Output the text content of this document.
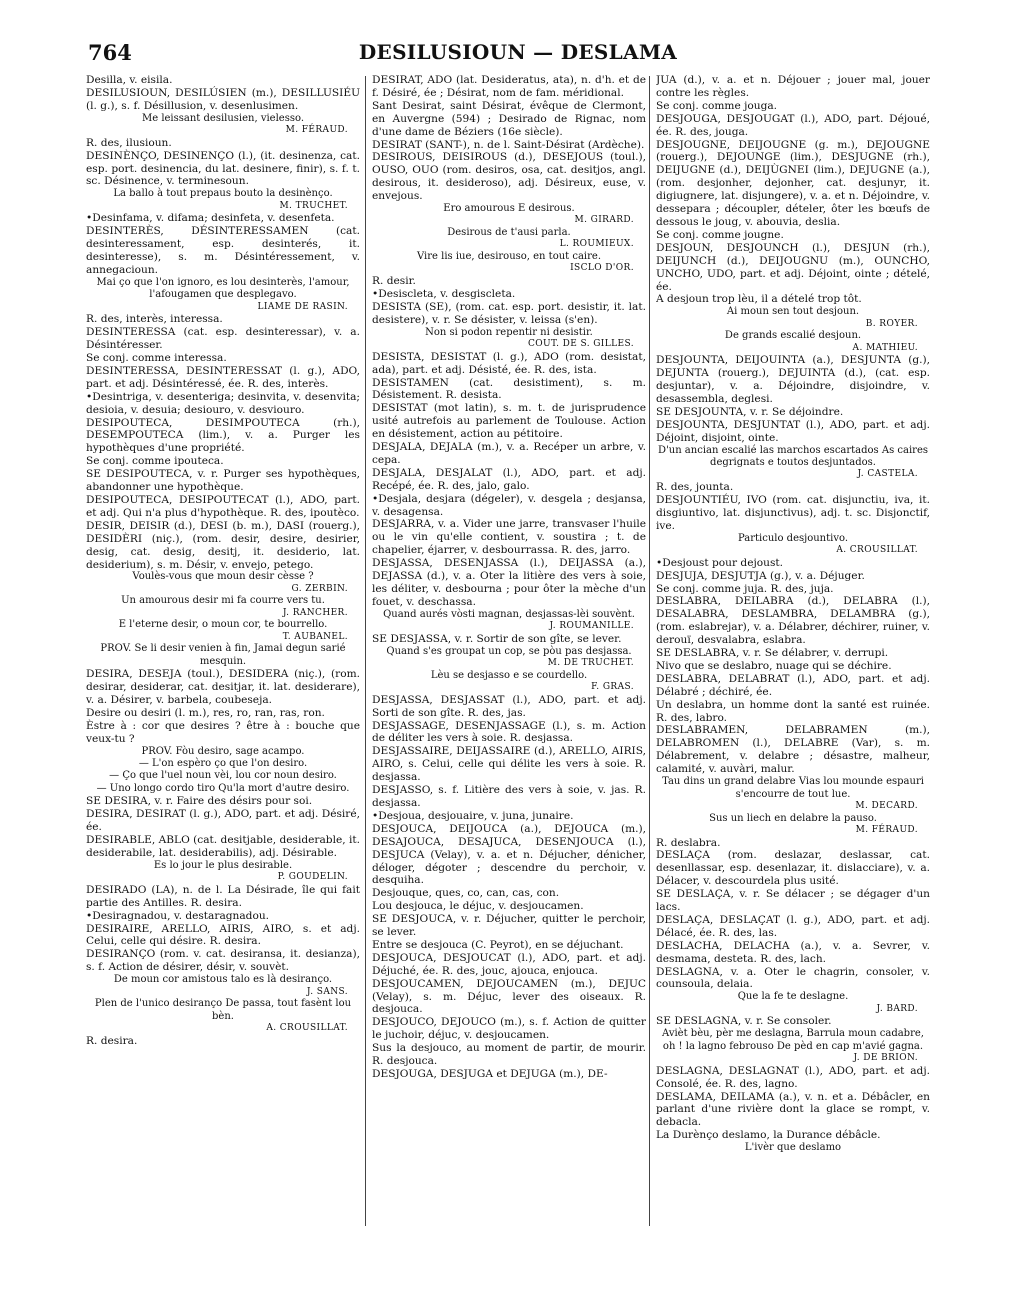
764	DESILUSIOUN — DESLAMA

Desilla, v. eisila.

DESILUSIOUN, DESILÚSIEN (m.), DESILLUSIÉU (l. g.), s. f. Désillusion, v. desenlusimen.

Me leissant desilusien, vielesso.

M. FÉRAUD.

R. des, ilusioun.

DESINÈNÇO, DESINENÇO (l.), (it. desinenza, cat. esp. port. desinencia, du lat. desinere, finir), s. f. t. sc. Désinence, v. terminesoun.

La ballo à tout prepaus bouto la desinènço.

M. TRUCHET.

•Desinfama, v. difama; desinfeta, v. desenfeta.

DESINTERÈS, DÉSINTERESSAMEN (cat. desinteressament, esp. desinterés, it. desinteresse), s. m. Désintéressement, v. annegacioun.

Mai ço que l'on ignoro, es lou desinterès, l'amour, l'afougamen que desplegavo.

LIAME DE RASIN.

R. des, interès, interessa.

DESINTERESSA (cat. esp. desinteressar), v. a. Désintéresser.

Se conj. comme interessa.

DESINTERESSA, DESINTERESSAT (l. g.), ADO, part. et adj. Désintéressé, ée. R. des, interès.

•Desintriga, v. desenteriga; desinvita, v. desenvita; desioia, v. desuia; desiouro, v. desviouro.

DESIPOUTECA, DESIMPOUTECA (rh.), DESEMPOUTECA (lim.), v. a. Purger les hypothèques d'une propriété.

Se conj. comme ipouteca.

SE DESIPOUTECA, v. r. Purger ses hypothèques, abandonner une hypothèque.

DESIPOUTECA, DESIPOUTECAT (l.), ADO, part. et adj. Qui n'a plus d'hypothèque. R. des, ipoutèco.

DESIR, DEISIR (d.), DESI (b. m.), DASI (rouerg.), DESIDÈRI (niç.), (rom. desir, desire, desirier, desig, cat. desig, desitj, it. desiderio, lat. desiderium), s. m. Désir, v. envejo, petego.

Voulès-vous que moun desir cèsse ?

G. ZERBIN.

Un amourous desir mi fa courre vers tu.

J. RANCHER.

E l'eterne desir, o moun cor, te bourrello.

T. AUBANEL.

PROV. Se li desir venien à fin, Jamai degun sarié mesquin.

DESIRA, DESEJA (toul.), DESIDERA (niç.), (rom. desirar, desiderar, cat. desitjar, it. lat. desiderare), v. a. Désirer, v. barbela, coubeseja.

Desire ou desiri (l. m.), res, ro, ran, ras, ron.

Èstre à : cor que desires ? être à : bouche que veux-tu ?

PROV. Fòu desiro, sage acampo.

— L'on espèro ço que l'on desiro.

— Ço que l'uel noun vèi, lou cor noun desiro.

— Uno longo cordo tiro Qu'la mort d'autre desiro.

SE DESIRA, v. r. Faire des désirs pour soi.

DESIRA, DESIRAT (l. g.), ADO, part. et adj. Désiré, ée.

DESIRABLE, ABLO (cat. desitjable, desiderable, it. desiderabile, lat. desiderabilis), adj. Désirable.

Es lo jour le plus desirable.

P. GOUDELIN.

DESIRADO (LA), n. de l. La Désirade, île qui fait partie des Antilles. R. desira.

•Desiragnadou, v. destaragnadou.

DESIRAIRE, ARELLO, AIRIS, AIRO, s. et adj. Celui, celle qui désire. R. desira.

DESIRANÇO (rom. v. cat. desiransa, it. desianza), s. f. Action de désirer, désir, v. souvèt.

De moun cor amistous talo es là desiranço.

J. SANS.

Plen de l'unico desiranço De passa, tout fasènt lou bèn.

A. CROUSILLAT.

R. desira.

DESIRAT, ADO (lat. Desideratus, ata), n. d'h. et de f. Désiré, ée ; Désirat, nom de fam. méridional.

Sant Desirat, saint Désirat, évêque de Clermont, en Auvergne (594) ; Desirado de Rignac, nom d'une dame de Béziers (16e siècle).

DESIRAT (SANT-), n. de l. Saint-Désirat (Ardèche).

DESIROUS, DEISIROUS (d.), DESEJOUS (toul.), OUSO, OUO (rom. desiros, osa, cat. desitjos, angl. desirous, it. desideroso), adj. Désireux, euse, v. envejous.

Ero amourous E desirous.

M. GIRARD.

Desirous de t'ausi parla.

L. ROUMIEUX.

Vire lis iue, desirouso, en tout caire.

ISCLO D'OR.

R. desir.

•Desiscleta, v. desgiscleta.

DESISTA (SE), (rom. cat. esp. port. desistir, it. lat. desistere), v. r. Se désister, v. leissa (s'en).

Non si podon repentir ni desistir.

COUT. DE S. GILLES.

DESISTA, DESISTAT (l. g.), ADO (rom. desistat, ada), part. et adj. Désisté, ée. R. des, ista.

DESISTAMEN (cat. desistiment), s. m. Désistement. R. desista.

DESISTAT (mot latin), s. m. t. de jurisprudence usité autrefois au parlement de Toulouse. Action en désistement, action au pétitoire.

DESJALA, DEJALA (m.), v. a. Recéper un arbre, v. cepa.

DESJALA, DESJALAT (l.), ADO, part. et adj. Recépé, ée. R. des, jalo, galo.

•Desjala, desjara (dégeler), v. desgela ; desjansa, v. desagensa.

DESJARRA, v. a. Vider une jarre, transvaser l'huile ou le vin qu'elle contient, v. soustira ; t. de chapelier, éjarrer, v. desbourrassa. R. des, jarro.

DESJASSA, DESENJASSA (l.), DEIJASSA (a.), DEJASSA (d.), v. a. Oter la litière des vers à soie, les déliter, v. desbourna ; pour ôter la mèche d'un fouet, v. deschassa.

Quand aurés vòsti magnan, desjassas-lèi souvènt.

J. ROUMANILLE.

SE DESJASSA, v. r. Sortir de son gîte, se lever.

Quand s'es groupat un cop, se pòu pas desjassa.

M. DE TRUCHET.

Lèu se desjasso e se courdello.

F. GRAS.

DESJASSA, DESJASSAT (l.), ADO, part. et adj. Sorti de son gîte. R. des, jas.

DESJASSAGE, DESENJASSAGE (l.), s. m. Action de déliter les vers à soie. R. desjassa.

DESJASSAIRE, DEIJASSAIRE (d.), ARELLO, AIRIS, AIRO, s. Celui, celle qui délite les vers à soie. R. desjassa.

DESJASSO, s. f. Litière des vers à soie, v. jas. R. desjassa.

•Desjoua, desjouaire, v. juna, junaire.

DESJOUCA, DEIJOUCA (a.), DEJOUCA (m.), DESAJOUCA, DESAJUCA, DESENJOUCA (l.), DESJUCA (Velay), v. a. et n. Déjucher, dénicher, déloger, dégoter ; descendre du perchoir, v. desquiha.

Desjouque, ques, co, can, cas, con.

Lou desjouca, le déjuc, v. desjoucamen.

SE DESJOUCA, v. r. Déjucher, quitter le perchoir, se lever.

Entre se desjouca (C. Peyrot), en se déjuchant.

DESJOUCA, DESJOUCAT (l.), ADO, part. et adj. Déjuché, ée. R. des, jouc, ajouca, enjouca.

DESJOUCAMEN, DEJOUCAMEN (m.), DEJUC (Velay), s. m. Déjuc, lever des oiseaux. R. desjouca.

DESJOUCO, DEJOUCO (m.), s. f. Action de quitter le juchoir, déjuc, v. desjoucamen.

Sus la desjouco, au moment de partir, de mourir. R. desjouca.

DESJOUGA, DESJUGA et DEJUGA (m.), DE-

JUA (d.), v. a. et n. Déjouer ; jouer mal, jouer contre les règles.

Se conj. comme jouga.

DESJOUGA, DESJOUGAT (l.), ADO, part. Déjoué, ée. R. des, jouga.

DESJOUGNE, DEIJOUGNE (g. m.), DEJOUGNE (rouerg.), DEJOUNGE (lim.), DESJUGNE (rh.), DEIJUGNE (d.), DEIJÙGNEI (lim.), DEJUGNE (a.), (rom. desjonher, dejonher, cat. desjunyr, it. digiugnere, lat. disjungere), v. a. et n. Déjoindre, v. dessepara ; découpler, dételer, ôter les bœufs de dessous le joug, v. abouvia, deslia.

Se conj. comme jougne.

DESJOUN, DESJOUNCH (l.), DESJUN (rh.), DEIJUNCH (d.), DEIJOUGNU (m.), OUNCHO, UNCHO, UDO, part. et adj. Déjoint, ointe ; dételé, ée.

A desjoun trop lèu, il a dételé trop tôt.

Ai moun sen tout desjoun.

B. ROYER.

De grands escalié desjoun.

A. MATHIEU.

DESJOUNTA, DEIJOUINTA (a.), DESJUNTA (g.), DEJUNTA (rouerg.), DEJUINTA (d.), (cat. esp. desjuntar), v. a. Déjoindre, disjoindre, v. desassembla, deglesi.

SE DESJOUNTA, v. r. Se déjoindre.

DESJOUNTA, DESJUNTAT (l.), ADO, part. et adj. Déjoint, disjoint, ointe.

D'un ancian escalié las marchos escartados As caires degrignats e toutos desjuntados.

J. CASTELA.

R. des, jounta.

DESJOUNTIÉU, IVO (rom. cat. disjunctiu, iva, it. disgiuntivo, lat. disjunctivus), adj. t. sc. Disjonctif, ive.

Particulo desjountivo.

A. CROUSILLAT.

•Desjoust pour dejoust.

DESJUJA, DESJUTJA (g.), v. a. Déjuger.

Se conj. comme juja. R. des, juja.

DESLABRA, DEILABRA (d.), DELABRA (l.), DESALABRA, DESLAMBRA, DELAMBRA (g.), (rom. eslabrejar), v. a. Délabrer, déchirer, ruiner, v. derouï, desvalabra, eslabra.

SE DESLABRA, v. r. Se délabrer, v. derrupi.

Nivo que se deslabro, nuage qui se déchire.

DESLABRA, DELABRAT (l.), ADO, part. et adj. Délabré ; déchiré, ée.

Un deslabra, un homme dont la santé est ruinée. R. des, labro.

DESLABRAMEN, DELABRAMEN (m.), DELABROMEN (l.), DELABRE (Var), s. m. Délabrement, v. delabre ; désastre, malheur, calamité, v. auvàri, malur.

Tau dins un grand delabre Vias lou mounde espauri s'encourre de tout lue.

M. DECARD.

Sus un liech en delabre la pauso.

M. FÉRAUD.

R. deslabra.

DESLAÇA (rom. deslazar, deslassar, cat. desenllassar, esp. desenlazar, it. dislacciare), v. a. Délacer, v. descourdela plus usité.

SE DESLAÇA, v. r. Se délacer ; se dégager d'un lacs.

DESLAÇA, DESLAÇAT (l. g.), ADO, part. et adj. Délacé, ée. R. des, las.

DESLACHA, DELACHA (a.), v. a. Sevrer, v. desmama, desteta. R. des, lach.

DESLAGNA, v. a. Oter le chagrin, consoler, v. counsoula, delaia.

Que la fe te deslagne.

J. BARD.

SE DESLAGNA, v. r. Se consoler.

Avièt bèu, pèr me deslagna, Barrula moun cadabre, oh ! la lagno febrouso De pèd en cap m'avié gagna.

J. DE BRION.

DESLAGNA, DESLAGNAT (l.), ADO, part. et adj. Consolé, ée. R. des, lagno.

DESLAMA, DEILAMA (a.), v. n. et a. Débâcler, en parlant d'une rivière dont la glace se rompt, v. debacla.

La Durènço deslamo, la Durance débâcle.

L'ivèr que deslamo
